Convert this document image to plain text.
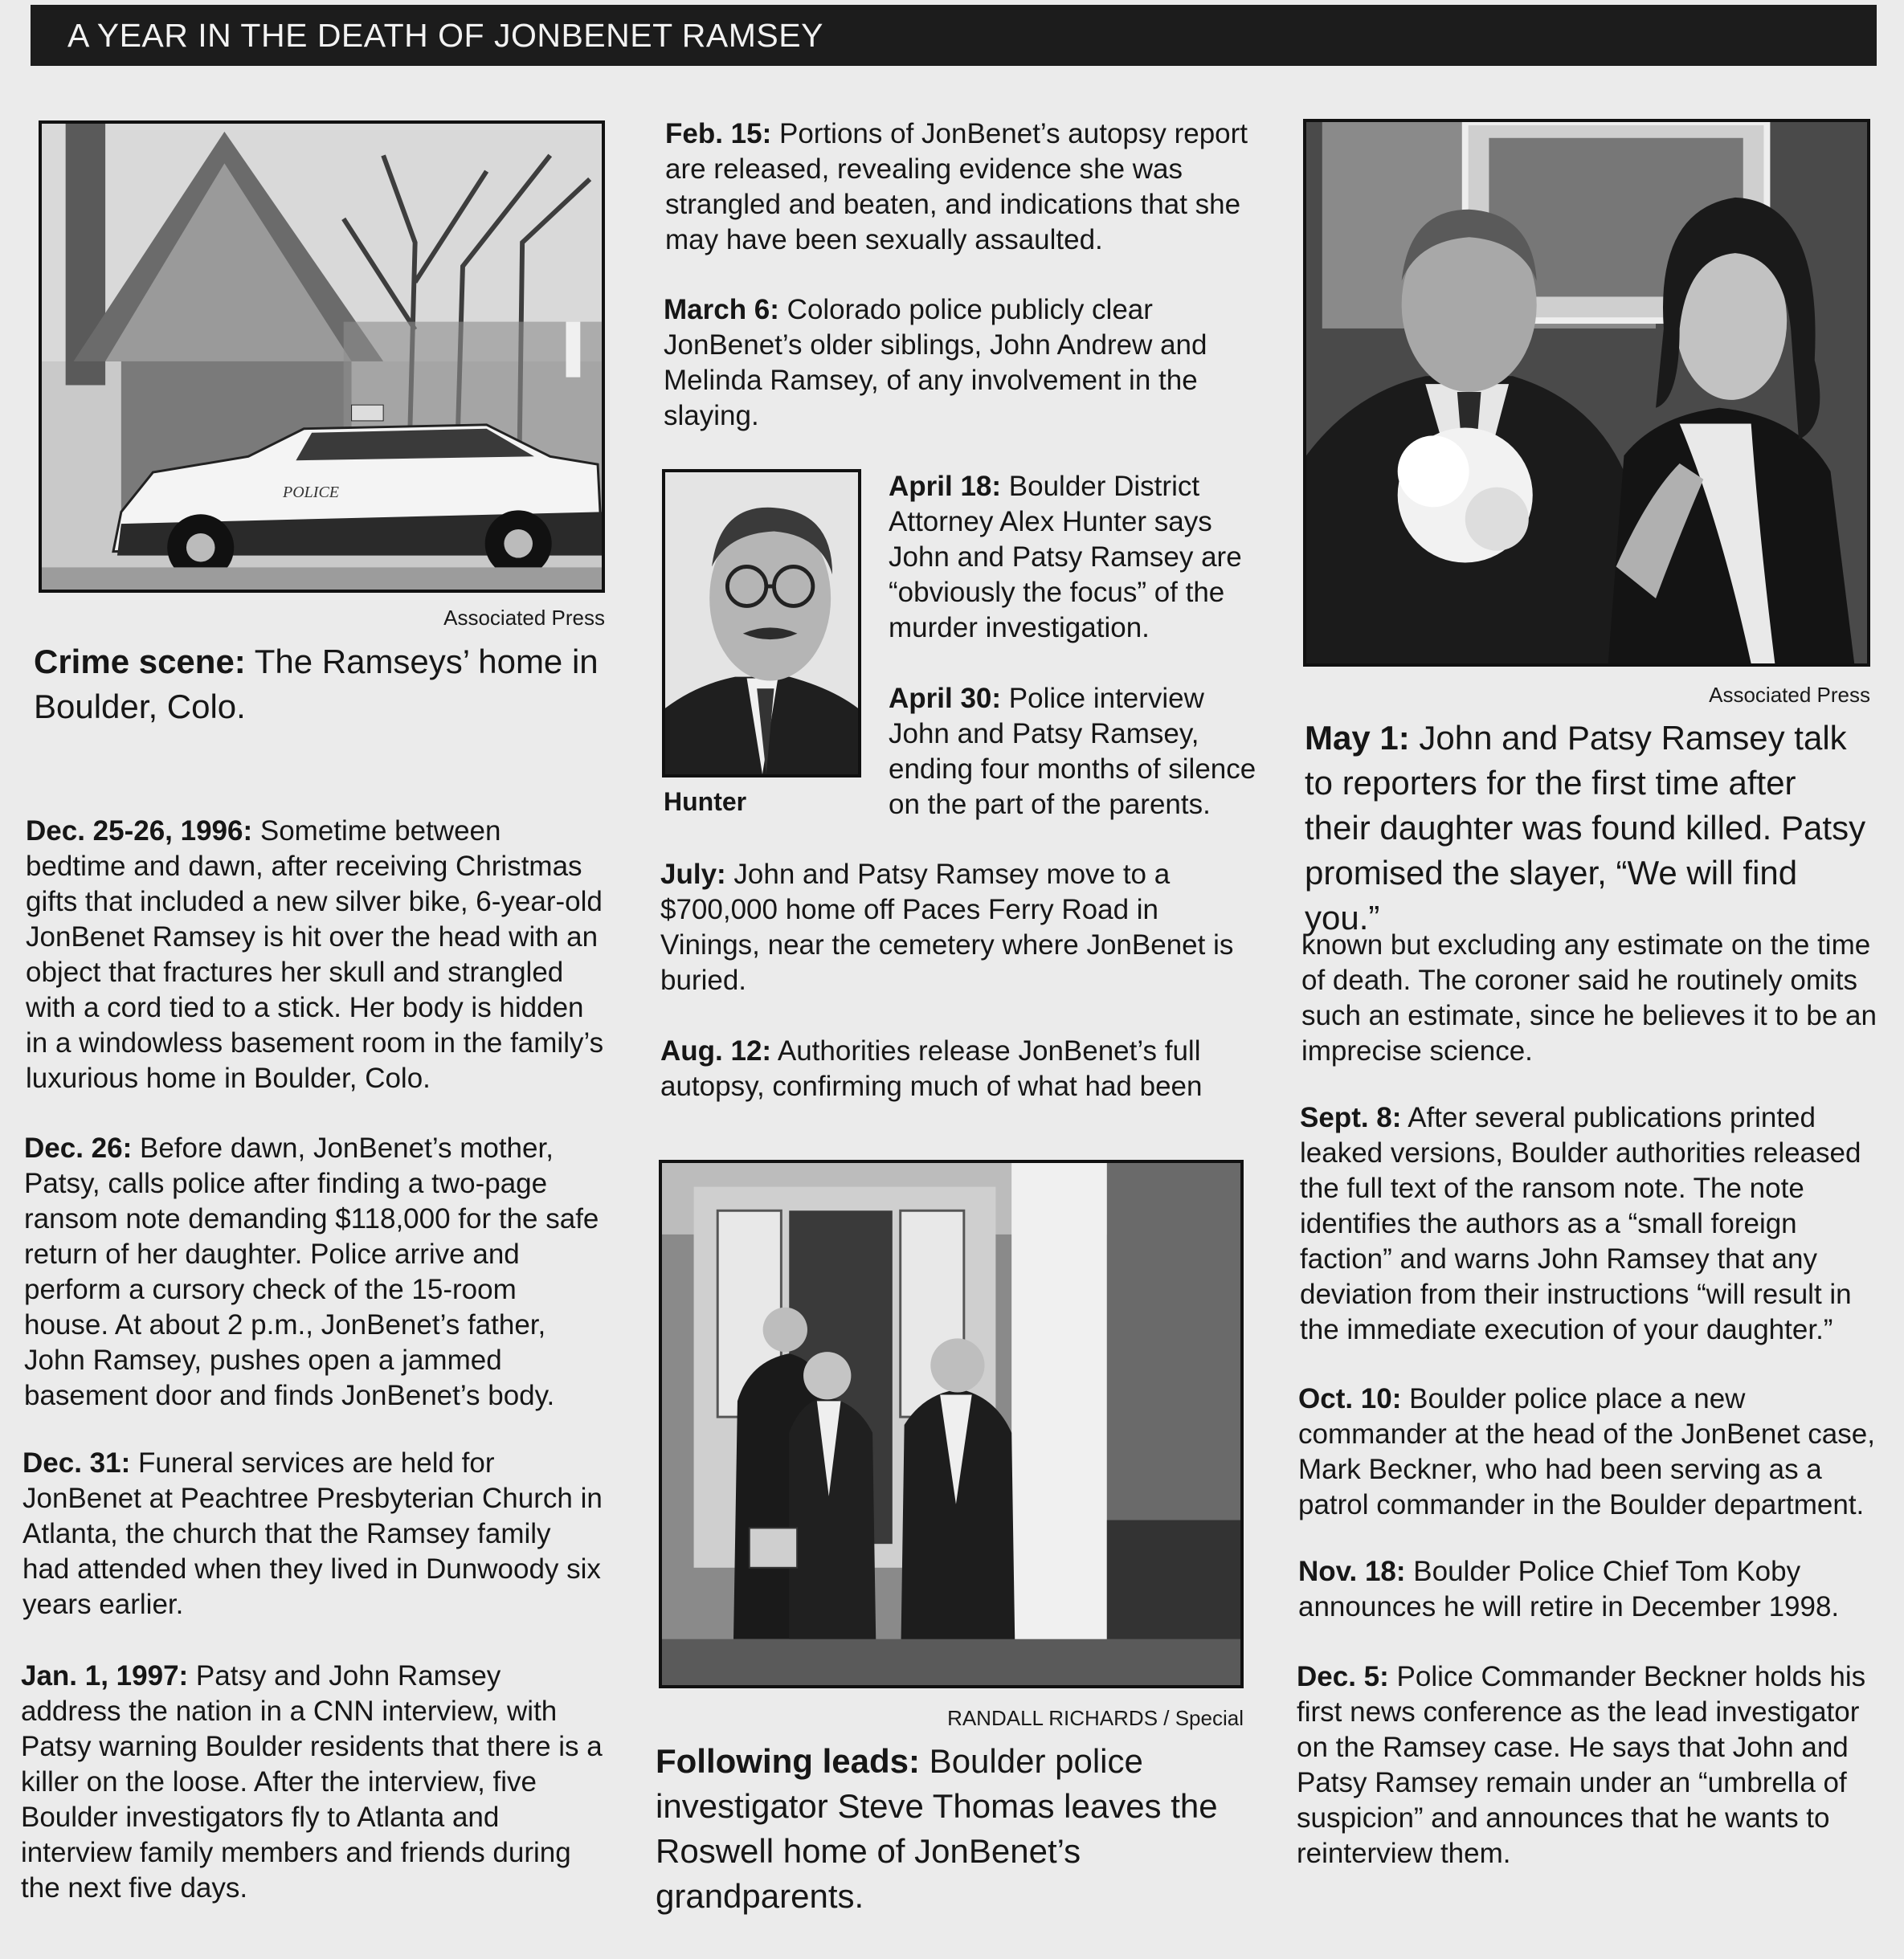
A YEAR IN THE DEATH OF JONBENET RAMSEY
POLICE
Associated Press
Crime scene: The Ramseys’ home in Boulder, Colo.
Dec. 25-26, 1996: Sometime between bedtime and dawn, after receiving Christmas gifts that included a new silver bike, 6-year-old JonBenet Ramsey is hit over the head with an object that fractures her skull and strangled with a cord tied to a stick. Her body is hidden in a windowless basement room in the family’s luxurious home in Boulder, Colo.
Dec. 26: Before dawn, JonBenet’s mother, Patsy, calls police after finding a two-page ransom note demanding $118,000 for the safe return of her daughter. Police arrive and perform a cursory check of the 15-room house. At about 2 p.m., JonBenet’s father, John Ramsey, pushes open a jammed basement door and finds JonBenet’s body.
Dec. 31: Funeral services are held for JonBenet at Peachtree Presbyterian Church in Atlanta, the church that the Ramsey family had attended when they lived in Dunwoody six years earlier.
Jan. 1, 1997: Patsy and John Ramsey address the nation in a CNN interview, with Patsy warning Boulder residents that there is a killer on the loose. After the interview, five Boulder investigators fly to Atlanta and interview family members and friends during the next five days.
Feb. 15: Portions of JonBenet’s autopsy report are released, revealing evidence she was strangled and beaten, and indications that she may have been sexually assaulted.
March 6: Colorado police publicly clear JonBenet’s older siblings, John Andrew and Melinda Ramsey, of any involvement in the slaying.
Hunter
April 18: Boulder District Attorney Alex Hunter says John and Patsy Ramsey are “obviously the focus” of the murder investigation.
April 30: Police interview John and Patsy Ramsey, ending four months of silence on the part of the parents.
July: John and Patsy Ramsey move to a $700,000 home off Paces Ferry Road in Vinings, near the cemetery where JonBenet is buried.
Aug. 12: Authorities release JonBenet’s full autopsy, confirming much of what had been
RANDALL RICHARDS / Special
Following leads: Boulder police investigator Steve Thomas leaves the Roswell home of JonBenet’s grandparents.
Associated Press
May 1: John and Patsy Ramsey talk to reporters for the first time after their daughter was found killed. Patsy promised the slayer, “We will find you.”
known but excluding any estimate on the time of death. The coroner said he routinely omits such an estimate, since he believes it to be an imprecise science.
Sept. 8: After several publications printed leaked versions, Boulder authorities released the full text of the ransom note. The note identifies the authors as a “small foreign faction” and warns John Ramsey that any deviation from their instructions “will result in the immediate execution of your daughter.”
Oct. 10: Boulder police place a new commander at the head of the JonBenet case, Mark Beckner, who had been serving as a patrol commander in the Boulder department.
Nov. 18: Boulder Police Chief Tom Koby announces he will retire in December 1998.
Dec. 5: Police Commander Beckner holds his first news conference as the lead investigator on the Ramsey case. He says that John and Patsy Ramsey remain under an “umbrella of suspicion” and announces that he wants to reinterview them.
